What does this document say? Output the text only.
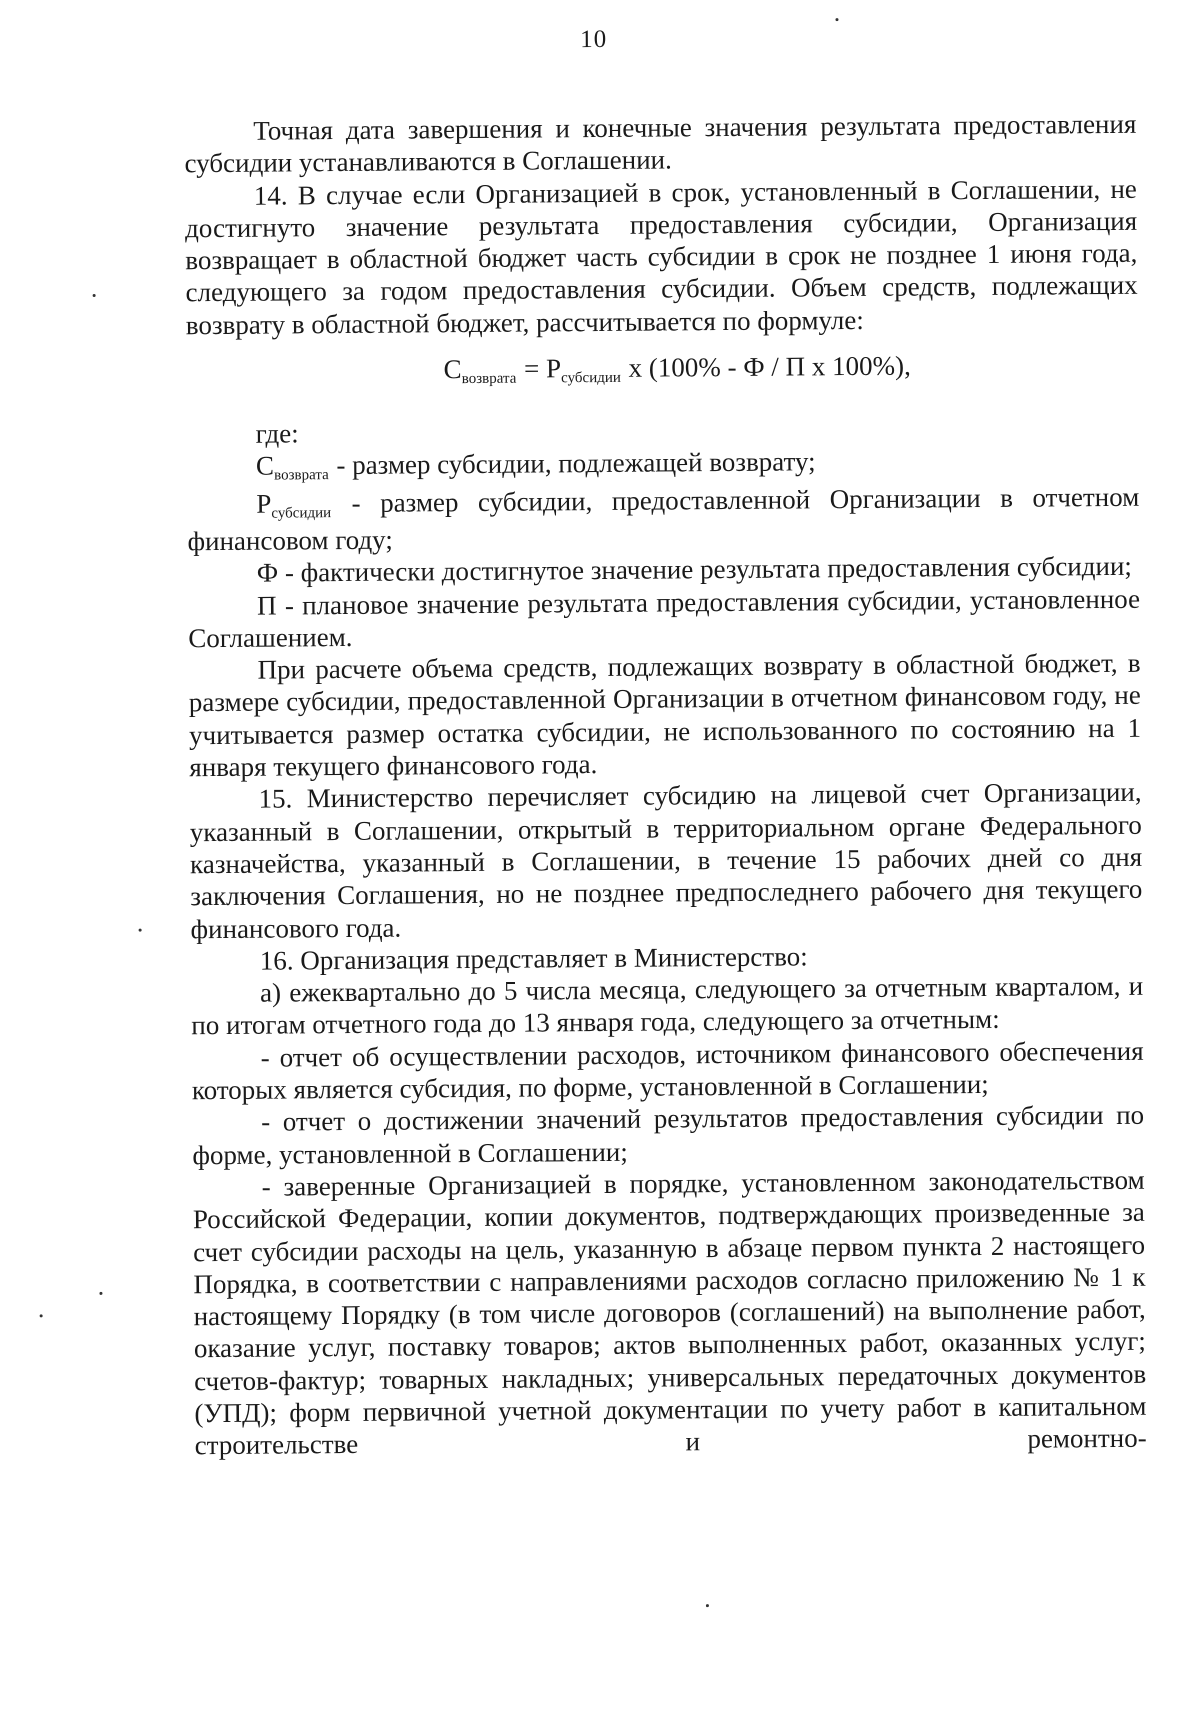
10

Точная дата завершения и конечные значения результата предоставления субсидии устанавливаются в Соглашении.

14. В случае если Организацией в срок, установленный в Соглашении, не достигнуто значение результата предоставления субсидии, Организация возвращает в областной бюджет часть субсидии в срок не позднее 1 июня года, следующего за годом предоставления субсидии. Объем средств, подлежащих возврату в областной бюджет, рассчитывается по формуле:

Свозврата = Рсубсидии х (100% - Ф / П х 100%),

где:

Свозврата - размер субсидии, подлежащей возврату;

Рсубсидии - размер субсидии, предоставленной Организации в отчетном финансовом году;

Ф - фактически достигнутое значение результата предоставления субсидии;

П - плановое значение результата предоставления субсидии, установленное Соглашением.

При расчете объема средств, подлежащих возврату в областной бюджет, в размере субсидии, предоставленной Организации в отчетном финансовом году, не учитывается размер остатка субсидии, не использованного по состоянию на 1 января текущего финансового года.

15. Министерство перечисляет субсидию на лицевой счет Организации, указанный в Соглашении, открытый в территориальном органе Федерального казначейства, указанный в Соглашении, в течение 15 рабочих дней со дня заключения Соглашения, но не позднее предпоследнего рабочего дня текущего финансового года.

16. Организация представляет в Министерство:

а) ежеквартально до 5 числа месяца, следующего за отчетным кварталом, и по итогам отчетного года до 13 января года, следующего за отчетным:

- отчет об осуществлении расходов, источником финансового обеспечения которых является субсидия, по форме, установленной в Соглашении;

- отчет о достижении значений результатов предоставления субсидии по форме, установленной в Соглашении;

- заверенные Организацией в порядке, установленном законодательством Российской Федерации, копии документов, подтверждающих произведенные за счет субсидии расходы на цель, указанную в абзаце первом пункта 2 настоящего Порядка, в соответствии с направлениями расходов согласно приложению № 1 к настоящему Порядку (в том числе договоров (соглашений) на выполнение работ, оказание услуг, поставку товаров; актов выполненных работ, оказанных услуг; счетов-фактур; товарных накладных; универсальных передаточных документов (УПД); форм первичной учетной документации по учету работ в капитальном строительстве и ремонтно-
